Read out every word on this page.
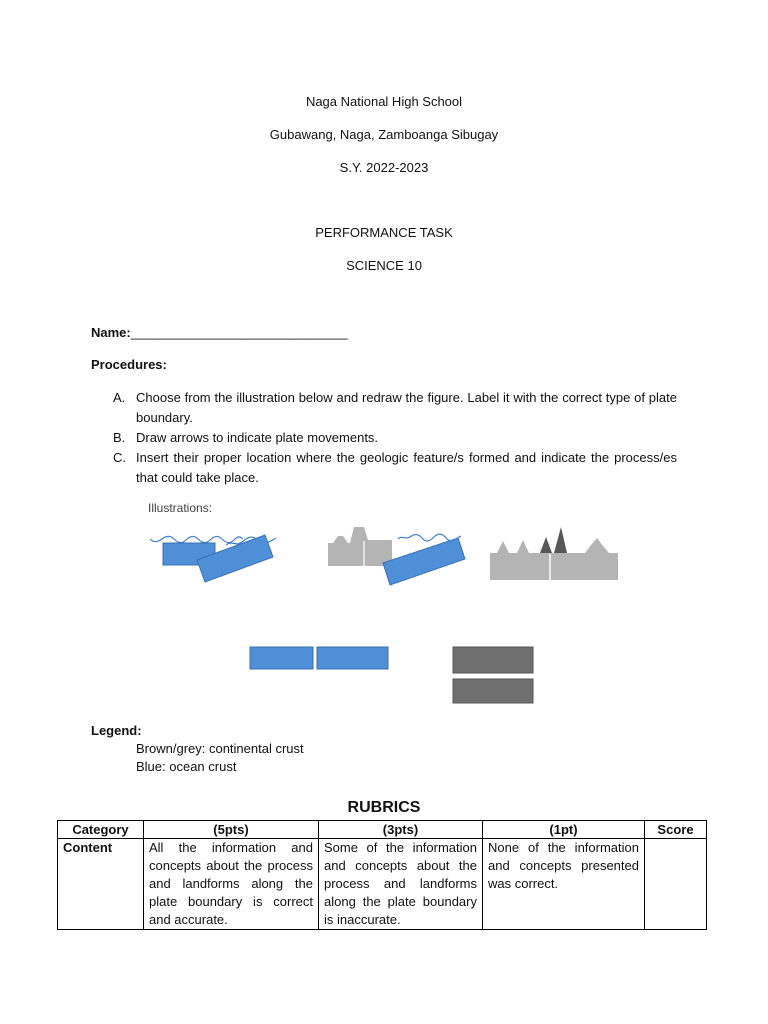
Naga National High School
Gubawang, Naga, Zamboanga Sibugay
S.Y. 2022-2023
PERFORMANCE TASK
SCIENCE 10
Name:______________________________
Procedures:
A. Choose from the illustration below and redraw the figure. Label it with the correct type of plate boundary.
B. Draw arrows to indicate plate movements.
C. Insert their proper location where the geologic feature/s formed and indicate the process/es that could take place.
Illustrations:
Legend:
Brown/grey: continental crust
Blue: ocean crust
RUBRICS
Category	(5pts)	(3pts)	(1pt)	Score
Content	All the information and concepts about the process and landforms along the plate boundary is correct and accurate.	Some of the information and concepts about the process and landforms along the plate boundary is inaccurate.	None of the information and concepts presented was correct.	
